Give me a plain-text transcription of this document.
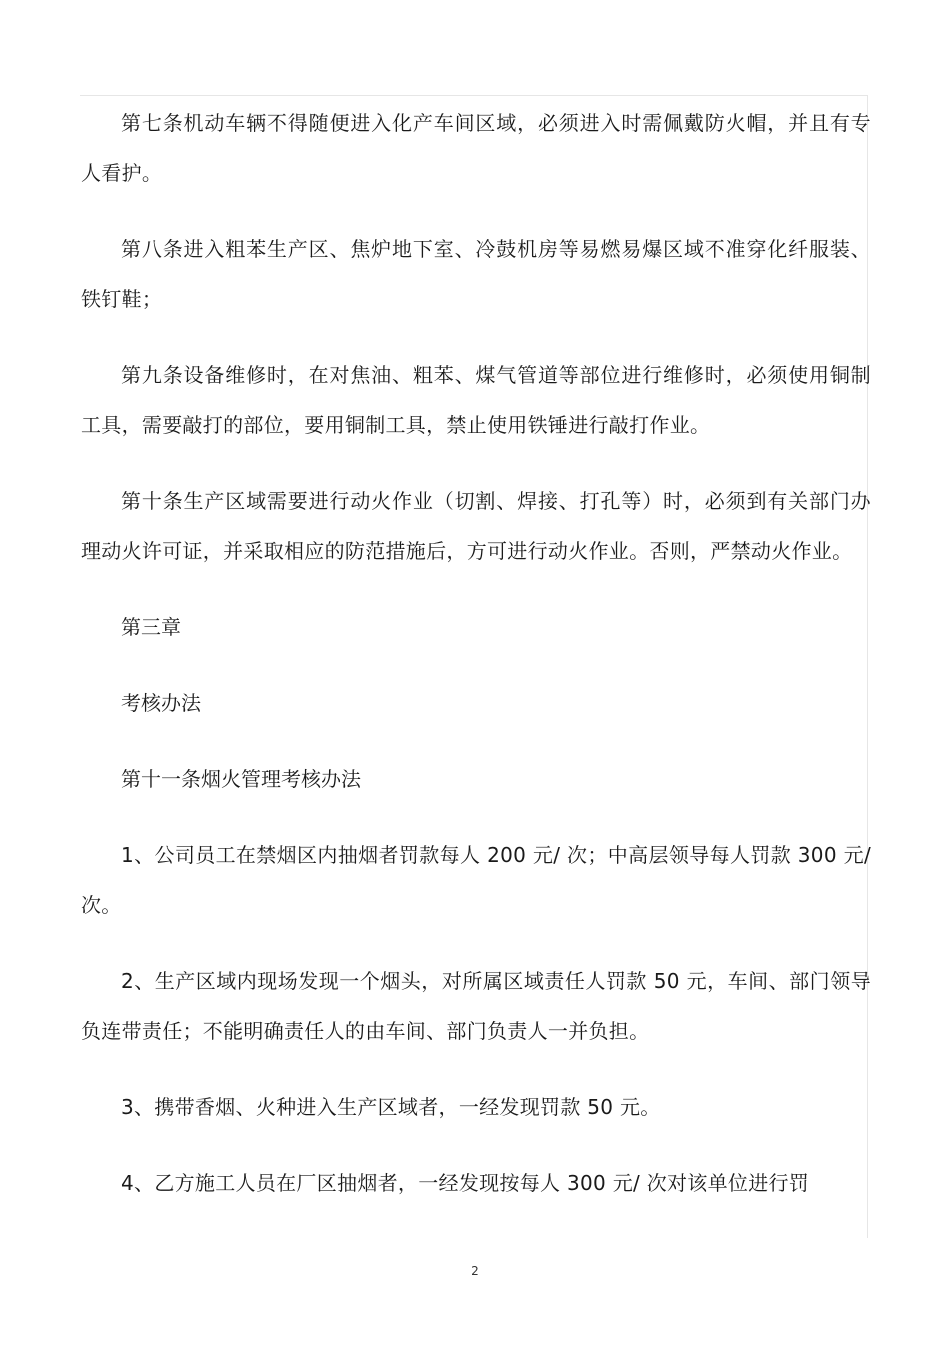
第七条机动车辆不得随便进入化产车间区域，必须进入时需佩戴防火帽，并且有专人看护。

第八条进入粗苯生产区、焦炉地下室、冷鼓机房等易燃易爆区域不准穿化纤服装、铁钉鞋；

第九条设备维修时，在对焦油、粗苯、煤气管道等部位进行维修时，必须使用铜制工具，需要敲打的部位，要用铜制工具，禁止使用铁锤进行敲打作业。

第十条生产区域需要进行动火作业（切割、焊接、打孔等）时，必须到有关部门办理动火许可证，并采取相应的防范措施后，方可进行动火作业。否则，严禁动火作业。

第三章
考核办法
第十一条烟火管理考核办法

1、公司员工在禁烟区内抽烟者罚款每人 200 元/ 次；中高层领导每人罚款 300 元/ 次。

2、生产区域内现场发现一个烟头，对所属区域责任人罚款 50 元，车间、部门领导负连带责任；不能明确责任人的由车间、部门负责人一并负担。

3、携带香烟、火种进入生产区域者，一经发现罚款 50 元。

4、乙方施工人员在厂区抽烟者，一经发现按每人 300 元/ 次对该单位进行罚

2
